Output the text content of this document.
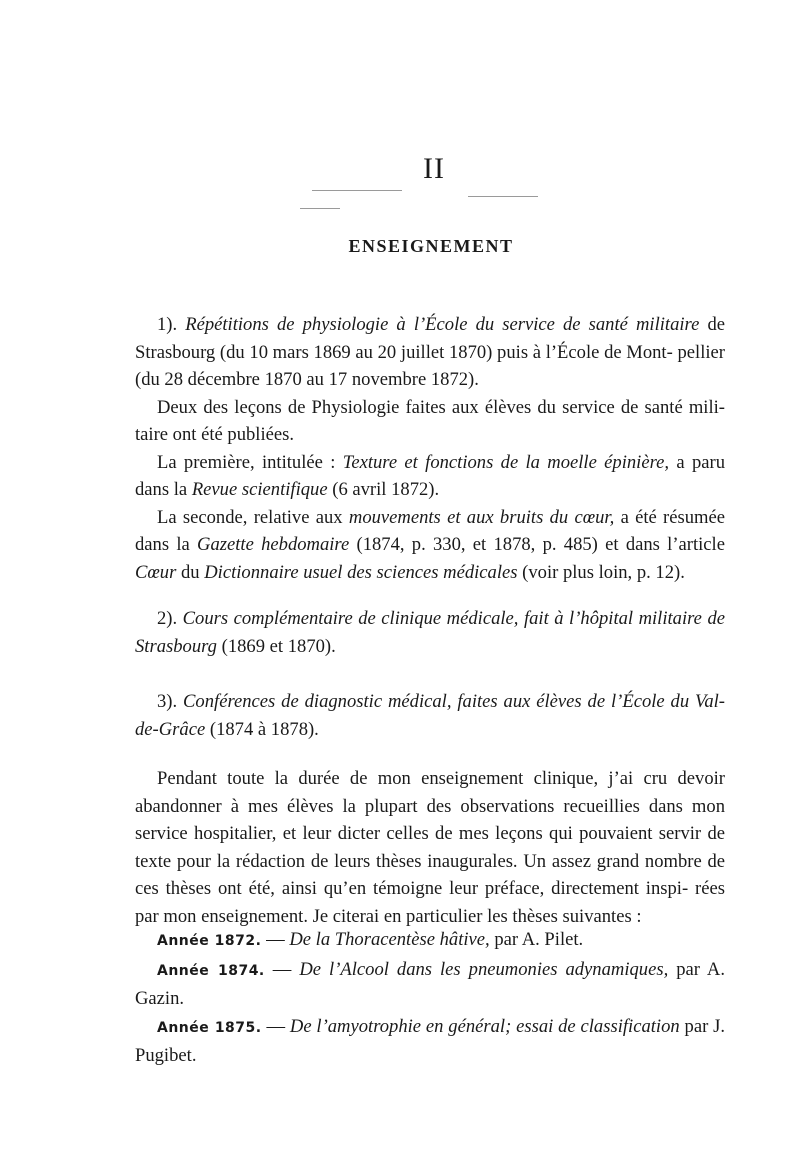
II
ENSEIGNEMENT

1). Répétitions de physiologie à l’École du service de santé militaire de Strasbourg (du 10 mars 1869 au 20 juillet 1870) puis à l’École de Mont- pellier (du 28 décembre 1870 au 17 novembre 1872).

Deux des leçons de Physiologie faites aux élèves du service de santé mili- taire ont été publiées.

La première, intitulée : Texture et fonctions de la moelle épinière, a paru dans la Revue scientifique (6 avril 1872).

La seconde, relative aux mouvements et aux bruits du cœur, a été résumée dans la Gazette hebdomaire (1874, p. 330, et 1878, p. 485) et dans l’article Cœur du Dictionnaire usuel des sciences médicales (voir plus loin, p. 12).

2). Cours complémentaire de clinique médicale, fait à l’hôpital militaire de Strasbourg (1869 et 1870).

3). Conférences de diagnostic médical, faites aux élèves de l’École du Val- de-Grâce (1874 à 1878).

Pendant toute la durée de mon enseignement clinique, j’ai cru devoir abandonner à mes élèves la plupart des observations recueillies dans mon service hospitalier, et leur dicter celles de mes leçons qui pouvaient servir de texte pour la rédaction de leurs thèses inaugurales. Un assez grand nombre de ces thèses ont été, ainsi qu’en témoigne leur préface, directement inspi- rées par mon enseignement. Je citerai en particulier les thèses suivantes :

Année 1872. — De la Thoracentèse hâtive, par A. Pilet.

Année 1874. — De l’Alcool dans les pneumonies adynamiques, par A. Gazin.

Année 1875. — De l’amyotrophie en général; essai de classification par J. Pugibet.
